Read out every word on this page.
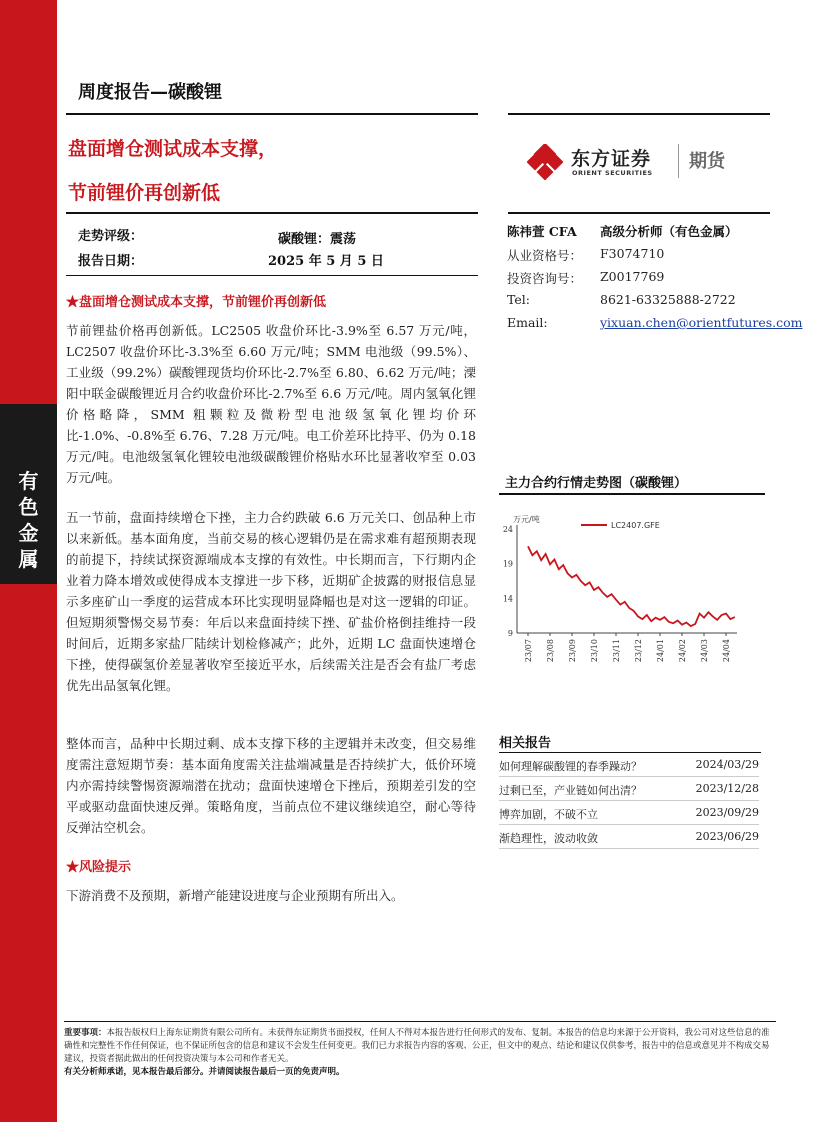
有
色
金
属
周度报告—碳酸锂
盘面增仓测试成本支撑，
节前锂价再创新低
东方证券
ORIENT SECURITIES
期货
走势评级：	碳酸锂：震荡
报告日期：	2025 年 5 月 5 日
陈祎萱 CFA 高级分析师（有色金属）
从业资格号： F3074710
投资咨询号： Z0017769
Tel:	8621-63325888-2722
Email:	yixuan.chen@orientfutures.com
★盘面增仓测试成本支撑，节前锂价再创新低
节前锂盐价格再创新低。LC2505 收盘价环比-3.9%至 6.57 万元/吨，LC2507 收盘价环比-3.3%至 6.60 万元/吨；SMM 电池级（99.5%）、工业级（99.2%）碳酸锂现货均价环比-2.7%至 6.80、6.62 万元/吨；溧阳中联金碳酸锂近月合约收盘价环比-2.7%至 6.6 万元/吨。周内氢氧化锂价格略降，SMM 粗颗粒及微粉型电池级氢氧化锂均价环比-1.0%、-0.8%至 6.76、7.28 万元/吨。电工价差环比持平、仍为 0.18 万元/吨。电池级氢氧化锂较电池级碳酸锂价格贴水环比显著收窄至 0.03 万元/吨。
五一节前，盘面持续增仓下挫，主力合约跌破 6.6 万元关口、创品种上市以来新低。基本面角度，当前交易的核心逻辑仍是在需求难有超预期表现的前提下，持续试探资源端成本支撑的有效性。中长期而言，下行期内企业着力降本增效或使得成本支撑进一步下移，近期矿企披露的财报信息显示多座矿山一季度的运营成本环比实现明显降幅也是对这一逻辑的印证。但短期须警惕交易节奏：年后以来盘面持续下挫、矿盐价格倒挂维持一段时间后，近期多家盐厂陆续计划检修减产；此外，近期 LC 盘面快速增仓下挫，使得碳氢价差显著收窄至接近平水，后续需关注是否会有盐厂考虑优先出品氢氧化锂。
整体而言，品种中长期过剩、成本支撑下移的主逻辑并未改变，但交易维度需注意短期节奏：基本面角度需关注盐端减量是否持续扩大，低价环境内亦需持续警惕资源端潜在扰动；盘面快速增仓下挫后，预期差引发的空平或驱动盘面快速反弹。策略角度，当前点位不建议继续追空，耐心等待反弹沽空机会。
★风险提示
下游消费不及预期，新增产能建设进度与企业预期有所出入。
主力合约行情走势图（碳酸锂）
万元/吨
9
14
19
24
23/07 23/08 23/09 23/10 23/11 23/12 24/01 24/02 24/03 24/04
LC2407.GFE
相关报告
如何理解碳酸锂的春季躁动？	2024/03/29
过剩已至，产业链如何出清？	2023/12/28
博弈加剧，不破不立	2023/09/29
渐趋理性，波动收敛	2023/06/29
重要事项：本报告版权归上海东证期货有限公司所有。未获得东证期货书面授权，任何人不得对本报告进行任何形式的发布、复制。本报告的信息均来源于公开资料，我公司对这些信息的准确性和完整性不作任何保证，也不保证所包含的信息和建议不会发生任何变更。我们已力求报告内容的客观、公正，但文中的观点、结论和建议仅供参考，报告中的信息或意见并不构成交易建议，投资者据此做出的任何投资决策与本公司和作者无关。
有关分析师承诺，见本报告最后部分。并请阅读报告最后一页的免责声明。
